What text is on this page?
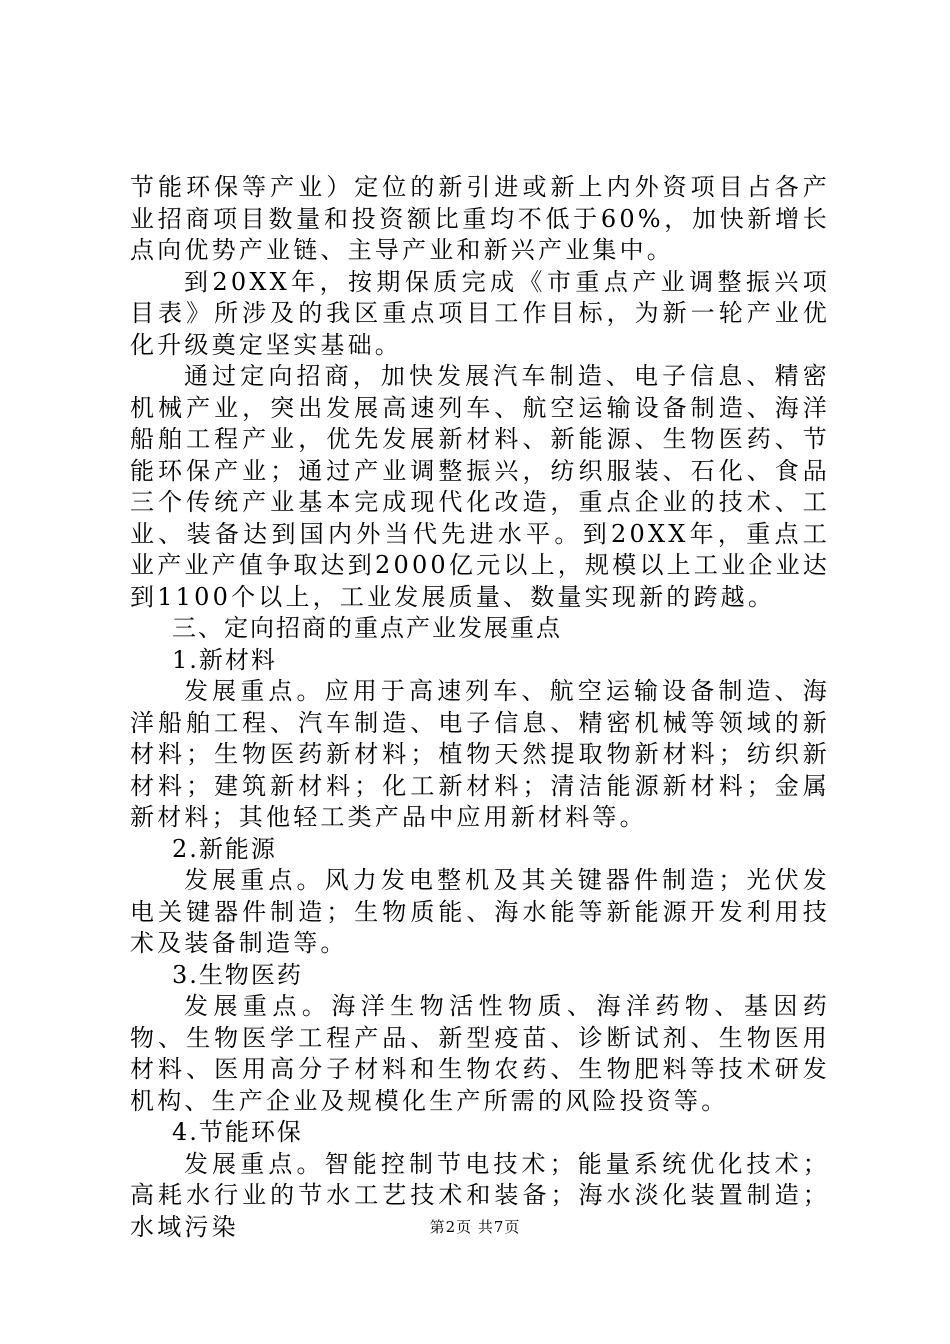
节能环保等产业）定位的新引进或新上内外资项目占各产业招商项目数量和投资额比重均不低于60%，加快新增长点向优势产业链、主导产业和新兴产业集中。

到20XX年，按期保质完成《市重点产业调整振兴项目表》所涉及的我区重点项目工作目标，为新一轮产业优化升级奠定坚实基础。

通过定向招商，加快发展汽车制造、电子信息、精密机械产业，突出发展高速列车、航空运输设备制造、海洋船舶工程产业，优先发展新材料、新能源、生物医药、节能环保产业；通过产业调整振兴，纺织服装、石化、食品三个传统产业基本完成现代化改造，重点企业的技术、工业、装备达到国内外当代先进水平。到20XX年，重点工业产业产值争取达到2000亿元以上，规模以上工业企业达到1100个以上，工业发展质量、数量实现新的跨越。

三、定向招商的重点产业发展重点

1.新材料

发展重点。应用于高速列车、航空运输设备制造、海洋船舶工程、汽车制造、电子信息、精密机械等领域的新材料；生物医药新材料；植物天然提取物新材料；纺织新材料；建筑新材料；化工新材料；清洁能源新材料；金属新材料；其他轻工类产品中应用新材料等。

2.新能源

发展重点。风力发电整机及其关键器件制造；光伏发电关键器件制造；生物质能、海水能等新能源开发利用技术及装备制造等。

3.生物医药

发展重点。海洋生物活性物质、海洋药物、基因药物、生物医学工程产品、新型疫苗、诊断试剂、生物医用材料、医用高分子材料和生物农药、生物肥料等技术研发机构、生产企业及规模化生产所需的风险投资等。

4.节能环保

发展重点。智能控制节电技术；能量系统优化技术；高耗水行业的节水工艺技术和装备；海水淡化装置制造；水域污染	第2页 共7页
